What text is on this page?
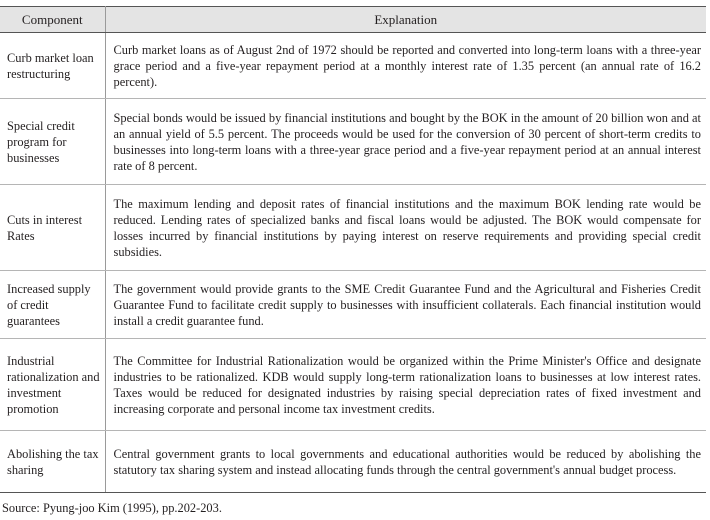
Component	Explanation
Curb market loan restructuring	Curb market loans as of August 2nd of 1972 should be reported and converted into long-term loans with a three-year grace period and a five-year repayment period at a monthly interest rate of 1.35 percent (an annual rate of 16.2 percent).
Special credit program for businesses	Special bonds would be issued by financial institutions and bought by the BOK in the amount of 20 billion won and at an annual yield of 5.5 percent. The proceeds would be used for the conversion of 30 percent of short-term credits to businesses into long-term loans with a three-year grace period and a five-year repayment period at an annual interest rate of 8 percent.
Cuts in interest Rates	The maximum lending and deposit rates of financial institutions and the maximum BOK lending rate would be reduced. Lending rates of specialized banks and fiscal loans would be adjusted. The BOK would compensate for losses incurred by financial institutions by paying interest on reserve requirements and providing special credit subsidies.
Increased supply of credit guarantees	The government would provide grants to the SME Credit Guarantee Fund and the Agricultural and Fisheries Credit Guarantee Fund to facilitate credit supply to businesses with insufficient collaterals. Each financial institution would install a credit guarantee fund.
Industrial rationalization and investment promotion	The Committee for Industrial Rationalization would be organized within the Prime Minister's Office and designate industries to be rationalized. KDB would supply long-term rationalization loans to businesses at low interest rates. Taxes would be reduced for designated industries by raising special depreciation rates of fixed investment and increasing corporate and personal income tax investment credits.
Abolishing the tax sharing	Central government grants to local governments and educational authorities would be reduced by abolishing the statutory tax sharing system and instead allocating funds through the central government's annual budget process.
Source: Pyung-joo Kim (1995), pp.202-203.
